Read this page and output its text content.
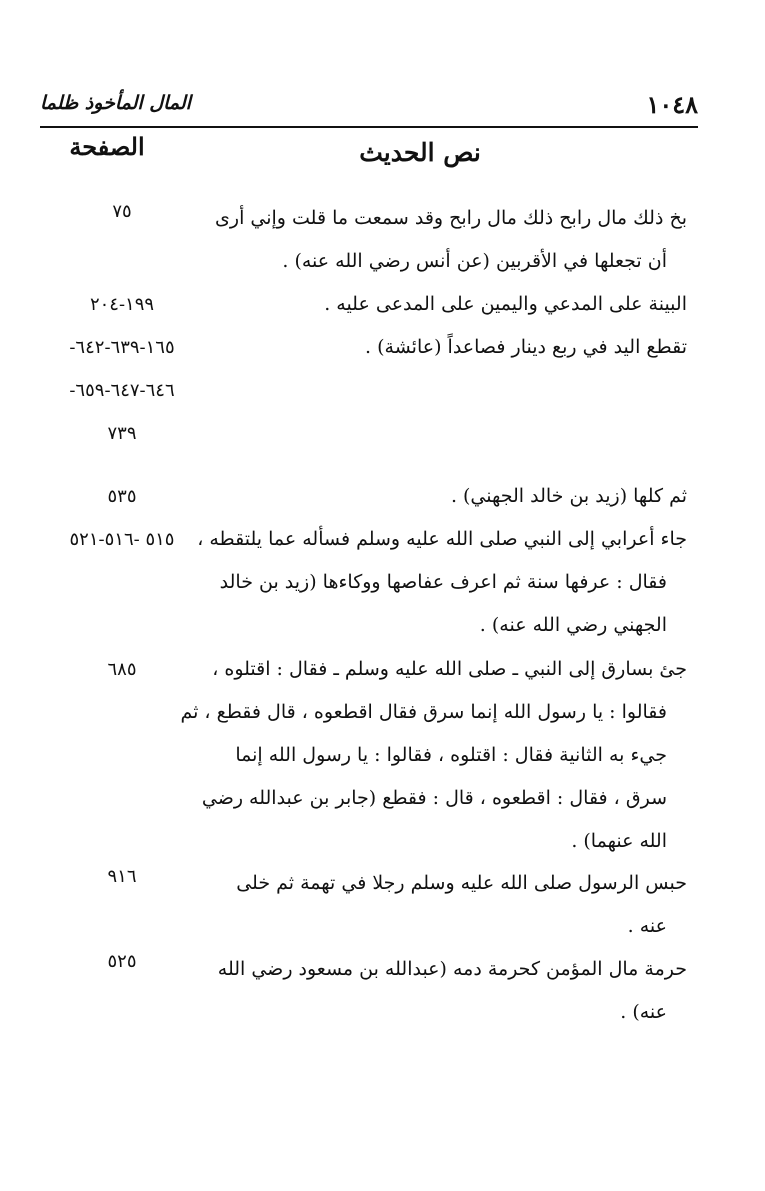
١٠٤٨
المال المأخوذ ظلما
نص الحديث
الصفحة
بخ ذلك مال رابح ذلك مال رابح وقد سمعت ما قلت وإني أرى
أن تجعلها في الأقربين (عن أنس رضي الله عنه) .
٧٥
البينة على المدعي واليمين على المدعى عليه .
١٩٩-٢٠٤
تقطع اليد في ربع دينار فصاعداً (عائشة) .
١٦٥-٦٣٩-٦٤٢-
٦٤٦-٦٤٧-٦٥٩-
٧٣٩
ثم كلها (زيد بن خالد الجهني) .
٥٣٥
جاء أعرابي إلى النبي صلى الله عليه وسلم فسأله عما يلتقطه ،
فقال : عرفها سنة ثم اعرف عفاصها ووكاءها (زيد بن خالد
الجهني رضي الله عنه) .
٥١٥ -٥١٦-٥٢١
جئ بسارق إلى النبي ـ صلى الله عليه وسلم ـ فقال : اقتلوه ،
فقالوا : يا رسول الله إنما سرق فقال اقطعوه ، قال فقطع ، ثم
جيء به الثانية فقال : اقتلوه ، فقالوا : يا رسول الله إنما
سرق ، فقال : اقطعوه ، قال : فقطع (جابر بن عبدالله رضي
الله عنهما) .
٦٨٥
حبس الرسول صلى الله عليه وسلم رجلا في تهمة ثم خلى
عنه .
٩١٦
حرمة مال المؤمن كحرمة دمه (عبدالله بن مسعود رضي الله
عنه) .
٥٢٥
